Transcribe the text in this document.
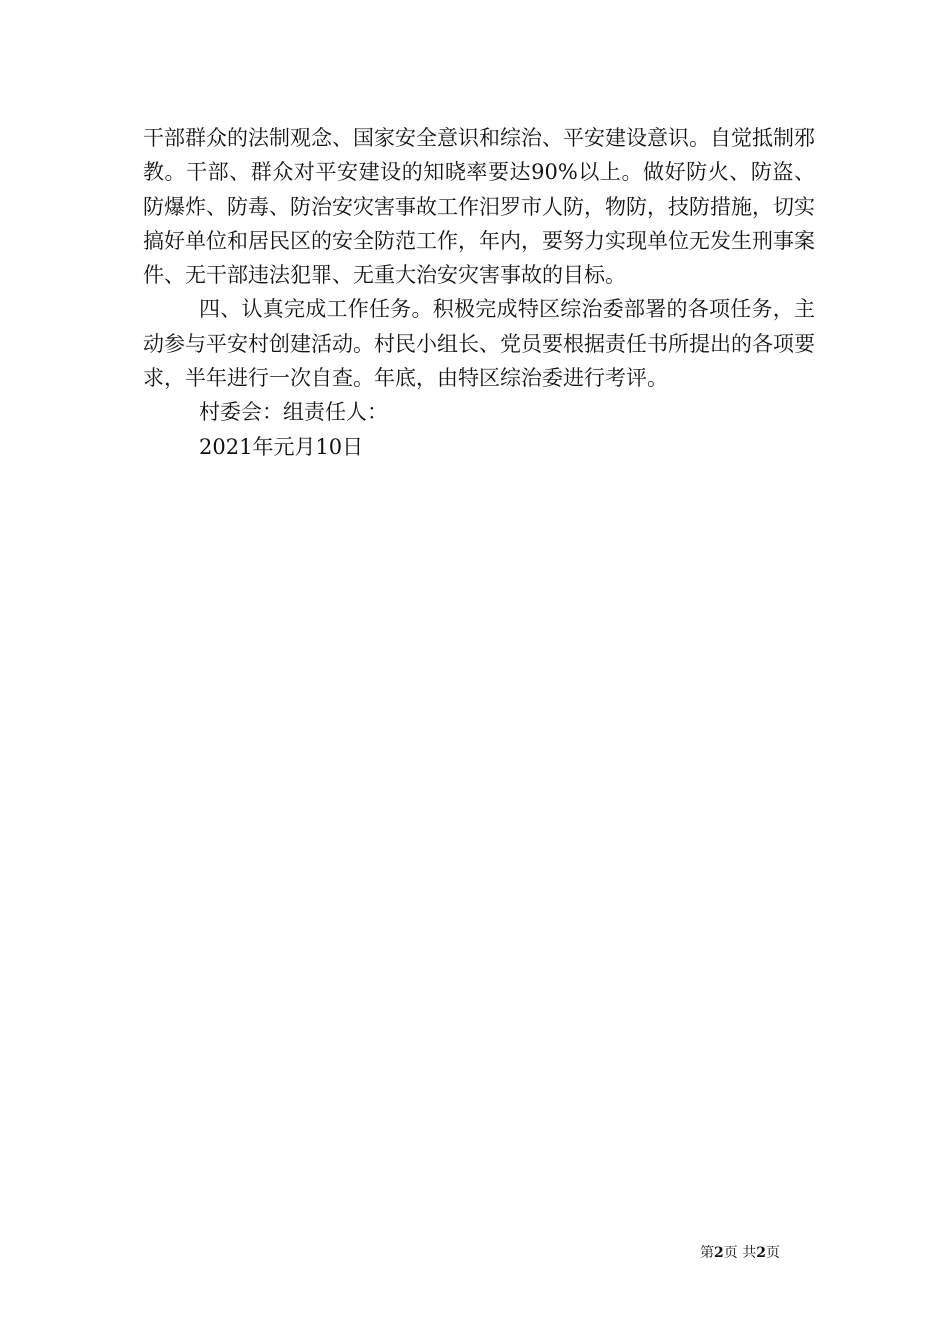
干部群众的法制观念、国家安全意识和综治、平安建设意识。自觉抵制邪教。干部、群众对平安建设的知晓率要达90%以上。做好防火、防盗、防爆炸、防毒、防治安灾害事故工作汨罗市人防，物防，技防措施，切实搞好单位和居民区的安全防范工作，年内，要努力实现单位无发生刑事案件、无干部违法犯罪、无重大治安灾害事故的目标。

四、认真完成工作任务。积极完成特区综治委部署的各项任务，主动参与平安村创建活动。村民小组长、党员要根据责任书所提出的各项要求，半年进行一次自查。年底，由特区综治委进行考评。

村委会：组责任人：

2021年元月10日

第2页 共2页
